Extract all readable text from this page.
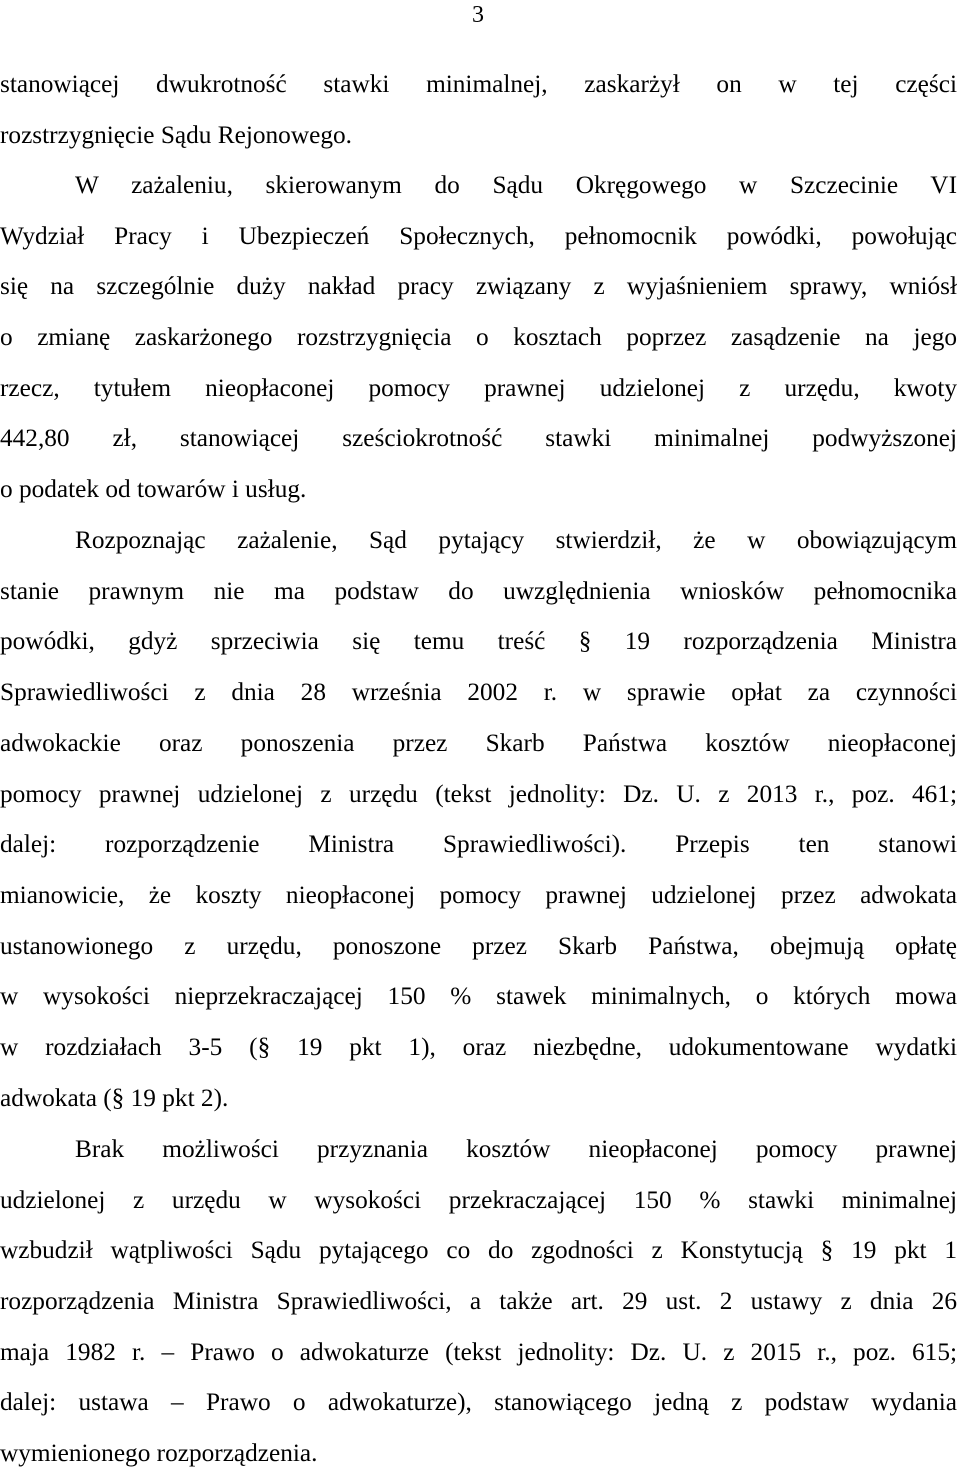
3
stanowiącej dwukrotność stawki minimalnej, zaskarżył on w tej części
rozstrzygnięcie Sądu Rejonowego.
W zażaleniu, skierowanym do Sądu Okręgowego w Szczecinie VI
Wydział Pracy i Ubezpieczeń Społecznych, pełnomocnik powódki, powołując
się na szczególnie duży nakład pracy związany z wyjaśnieniem sprawy, wniósł
o zmianę zaskarżonego rozstrzygnięcia o kosztach poprzez zasądzenie na jego
rzecz, tytułem nieopłaconej pomocy prawnej udzielonej z urzędu, kwoty
442,80 zł, stanowiącej sześciokrotność stawki minimalnej podwyższonej
o podatek od towarów i usług.
Rozpoznając zażalenie, Sąd pytający stwierdził, że w obowiązującym
stanie prawnym nie ma podstaw do uwzględnienia wniosków pełnomocnika
powódki, gdyż sprzeciwia się temu treść § 19 rozporządzenia Ministra
Sprawiedliwości z dnia 28 września 2002 r. w sprawie opłat za czynności
adwokackie oraz ponoszenia przez Skarb Państwa kosztów nieopłaconej
pomocy prawnej udzielonej z urzędu (tekst jednolity: Dz. U. z 2013 r., poz. 461;
dalej: rozporządzenie Ministra Sprawiedliwości). Przepis ten stanowi
mianowicie, że koszty nieopłaconej pomocy prawnej udzielonej przez adwokata
ustanowionego z urzędu, ponoszone przez Skarb Państwa, obejmują opłatę
w wysokości nieprzekraczającej 150 % stawek minimalnych, o których mowa
w rozdziałach 3-5 (§ 19 pkt 1), oraz niezbędne, udokumentowane wydatki
adwokata (§ 19 pkt 2).
Brak możliwości przyznania kosztów nieopłaconej pomocy prawnej
udzielonej z urzędu w wysokości przekraczającej 150 % stawki minimalnej
wzbudził wątpliwości Sądu pytającego co do zgodności z Konstytucją § 19 pkt 1
rozporządzenia Ministra Sprawiedliwości, a także art. 29 ust. 2 ustawy z dnia 26
maja 1982 r. – Prawo o adwokaturze (tekst jednolity: Dz. U. z 2015 r., poz. 615;
dalej: ustawa – Prawo o adwokaturze), stanowiącego jedną z podstaw wydania
wymienionego rozporządzenia.
